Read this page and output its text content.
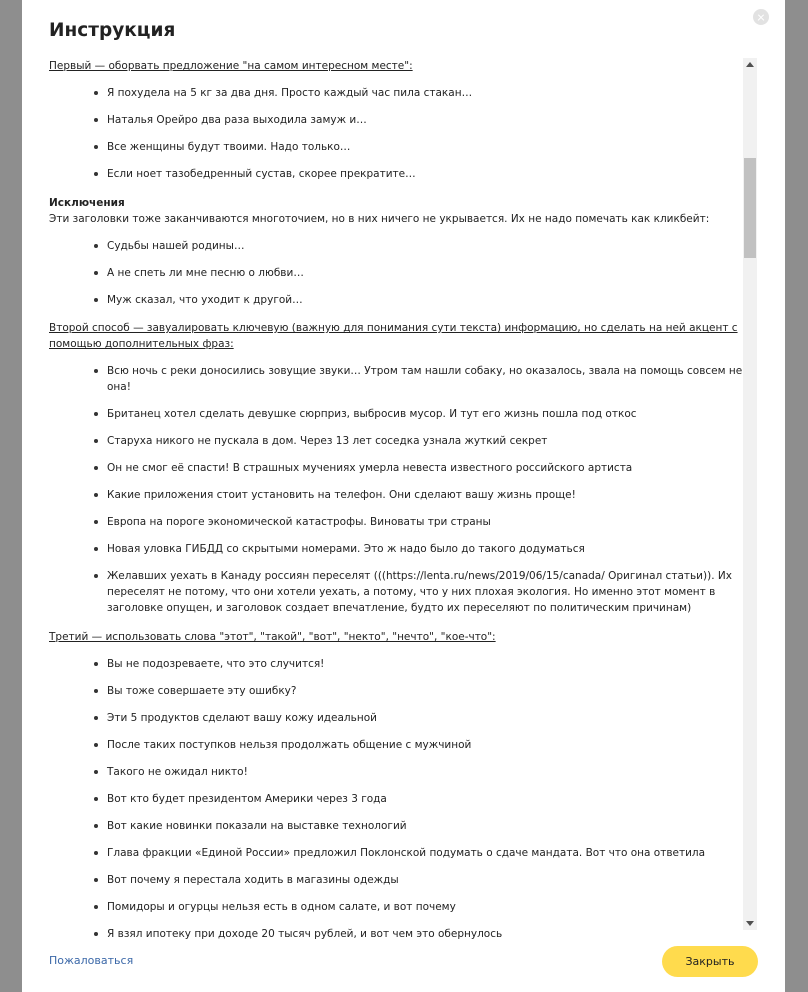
Инструкция

Первый — оборвать предложение "на самом интересном месте":

Я похудела на 5 кг за два дня. Просто каждый час пила стакан…
Наталья Орейро два раза выходила замуж и…
Все женщины будут твоими. Надо только…
Если ноет тазобедренный сустав, скорее прекратите…

Исключения

Эти заголовки тоже заканчиваются многоточием, но в них ничего не укрывается. Их не надо помечать как кликбейт:

Судьбы нашей родины…
А не спеть ли мне песню о любви…
Муж сказал, что уходит к другой…

Второй способ — завуалировать ключевую (важную для понимания сути текста) информацию, но сделать на ней акцент с помощью дополнительных фраз:

Всю ночь с реки доносились зовущие звуки… Утром там нашли собаку, но оказалось, звала на помощь совсем не она!
Британец хотел сделать девушке сюрприз, выбросив мусор. И тут его жизнь пошла под откос
Старуха никого не пускала в дом. Через 13 лет соседка узнала жуткий секрет
Он не смог её спасти! В страшных мучениях умерла невеста известного российского артиста
Какие приложения стоит установить на телефон. Они сделают вашу жизнь проще!
Европа на пороге экономической катастрофы. Виноваты три страны
Новая уловка ГИБДД со скрытыми номерами. Это ж надо было до такого додуматься
Желавших уехать в Канаду россиян переселят (((https://lenta.ru/news/2019/06/15/canada/ Оригинал статьи)). Их переселят не потому, что они хотели уехать, а потому, что у них плохая экология. Но именно этот момент в заголовке опущен, и заголовок создает впечатление, будто их переселяют по политическим причинам)

Третий — использовать слова "этот", "такой", "вот", "некто", "нечто", "кое-что":

Вы не подозреваете, что это случится!
Вы тоже совершаете эту ошибку?
Эти 5 продуктов сделают вашу кожу идеальной
После таких поступков нельзя продолжать общение с мужчиной
Такого не ожидал никто!
Вот кто будет президентом Америки через 3 года
Вот какие новинки показали на выставке технологий
Глава фракции «Единой России» предложил Поклонской подумать о сдаче мандата. Вот что она ответила
Вот почему я перестала ходить в магазины одежды
Помидоры и огурцы нельзя есть в одном салате, и вот почему
Я взял ипотеку при доходе 20 тысяч рублей, и вот чем это обернулось
Пожаловаться	Закрыть
